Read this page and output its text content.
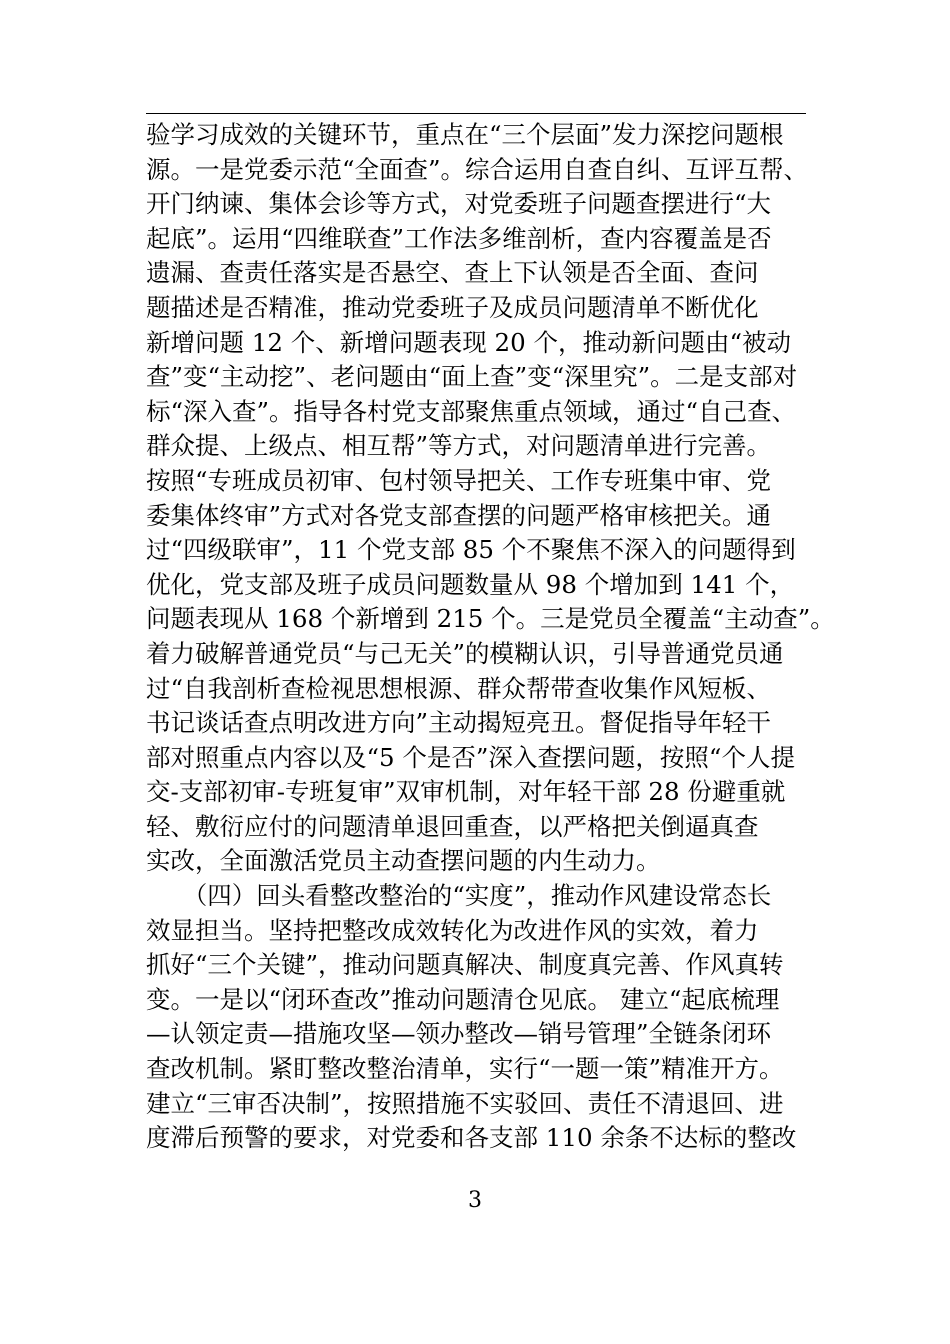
验学习成效的关键环节，重点在“三个层面”发力深挖问题根
源。一是党委示范“全面查”。综合运用自查自纠、互评互帮、
开门纳谏、集体会诊等方式，对党委班子问题查摆进行“大
起底”。运用“四维联查”工作法多维剖析，查内容覆盖是否
遗漏、查责任落实是否悬空、查上下认领是否全面、查问
题描述是否精准，推动党委班子及成员问题清单不断优化
新增问题 12 个、新增问题表现 20 个，推动新问题由“被动
查”变“主动挖”、老问题由“面上查”变“深里究”。二是支部对
标“深入查”。指导各村党支部聚焦重点领域，通过“自己查、
群众提、上级点、相互帮”等方式，对问题清单进行完善。
按照“专班成员初审、包村领导把关、工作专班集中审、党
委集体终审”方式对各党支部查摆的问题严格审核把关。通
过“四级联审”，11 个党支部 85 个不聚焦不深入的问题得到
优化，党支部及班子成员问题数量从 98 个增加到 141 个，
问题表现从 168 个新增到 215 个。三是党员全覆盖“主动查”。
着力破解普通党员“与己无关”的模糊认识，引导普通党员通
过“自我剖析查检视思想根源、群众帮带查收集作风短板、
书记谈话查点明改进方向”主动揭短亮丑。督促指导年轻干
部对照重点内容以及“5 个是否”深入查摆问题，按照“个人提
交-支部初审-专班复审”双审机制，对年轻干部 28 份避重就
轻、敷衍应付的问题清单退回重查，以严格把关倒逼真查
实改，全面激活党员主动查摆问题的内生动力。
　　（四）回头看整改整治的“实度”，推动作风建设常态长
效显担当。坚持把整改成效转化为改进作风的实效，着力
抓好“三个关键”，推动问题真解决、制度真完善、作风真转
变。一是以“闭环查改”推动问题清仓见底。 建立“起底梳理
—认领定责—措施攻坚—领办整改—销号管理”全链条闭环
查改机制。紧盯整改整治清单，实行“一题一策”精准开方。
建立“三审否决制”，按照措施不实驳回、责任不清退回、进
度滞后预警的要求，对党委和各支部 110 余条不达标的整改
3
